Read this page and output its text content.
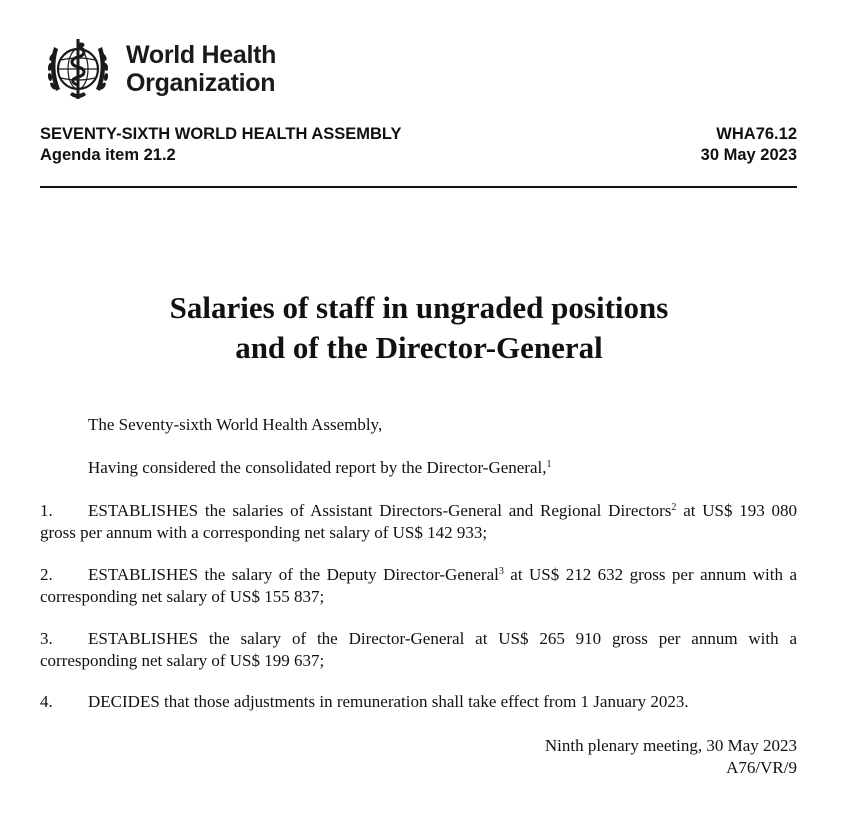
World Health
Organization
SEVENTY-SIXTH WORLD HEALTH ASSEMBLY
Agenda item 21.2
WHA76.12
30 May 2023
Salaries of staff in ungraded positions
and of the Director-General
The Seventy-sixth World Health Assembly,
Having considered the consolidated report by the Director-General,$^1$
1. ESTABLISHES the salaries of Assistant Directors-General and Regional Directors$^2$ at US$ 193 080 gross per annum with a corresponding net salary of US$ 142 933;
2. ESTABLISHES the salary of the Deputy Director-General$^3$ at US$ 212 632 gross per annum with a corresponding net salary of US$ 155 837;
3. ESTABLISHES the salary of the Director-General at US$ 265 910 gross per annum with a corresponding net salary of US$ 199 637;
4. DECIDES that those adjustments in remuneration shall take effect from 1 January 2023.
Ninth plenary meeting, 30 May 2023
A76/VR/9
